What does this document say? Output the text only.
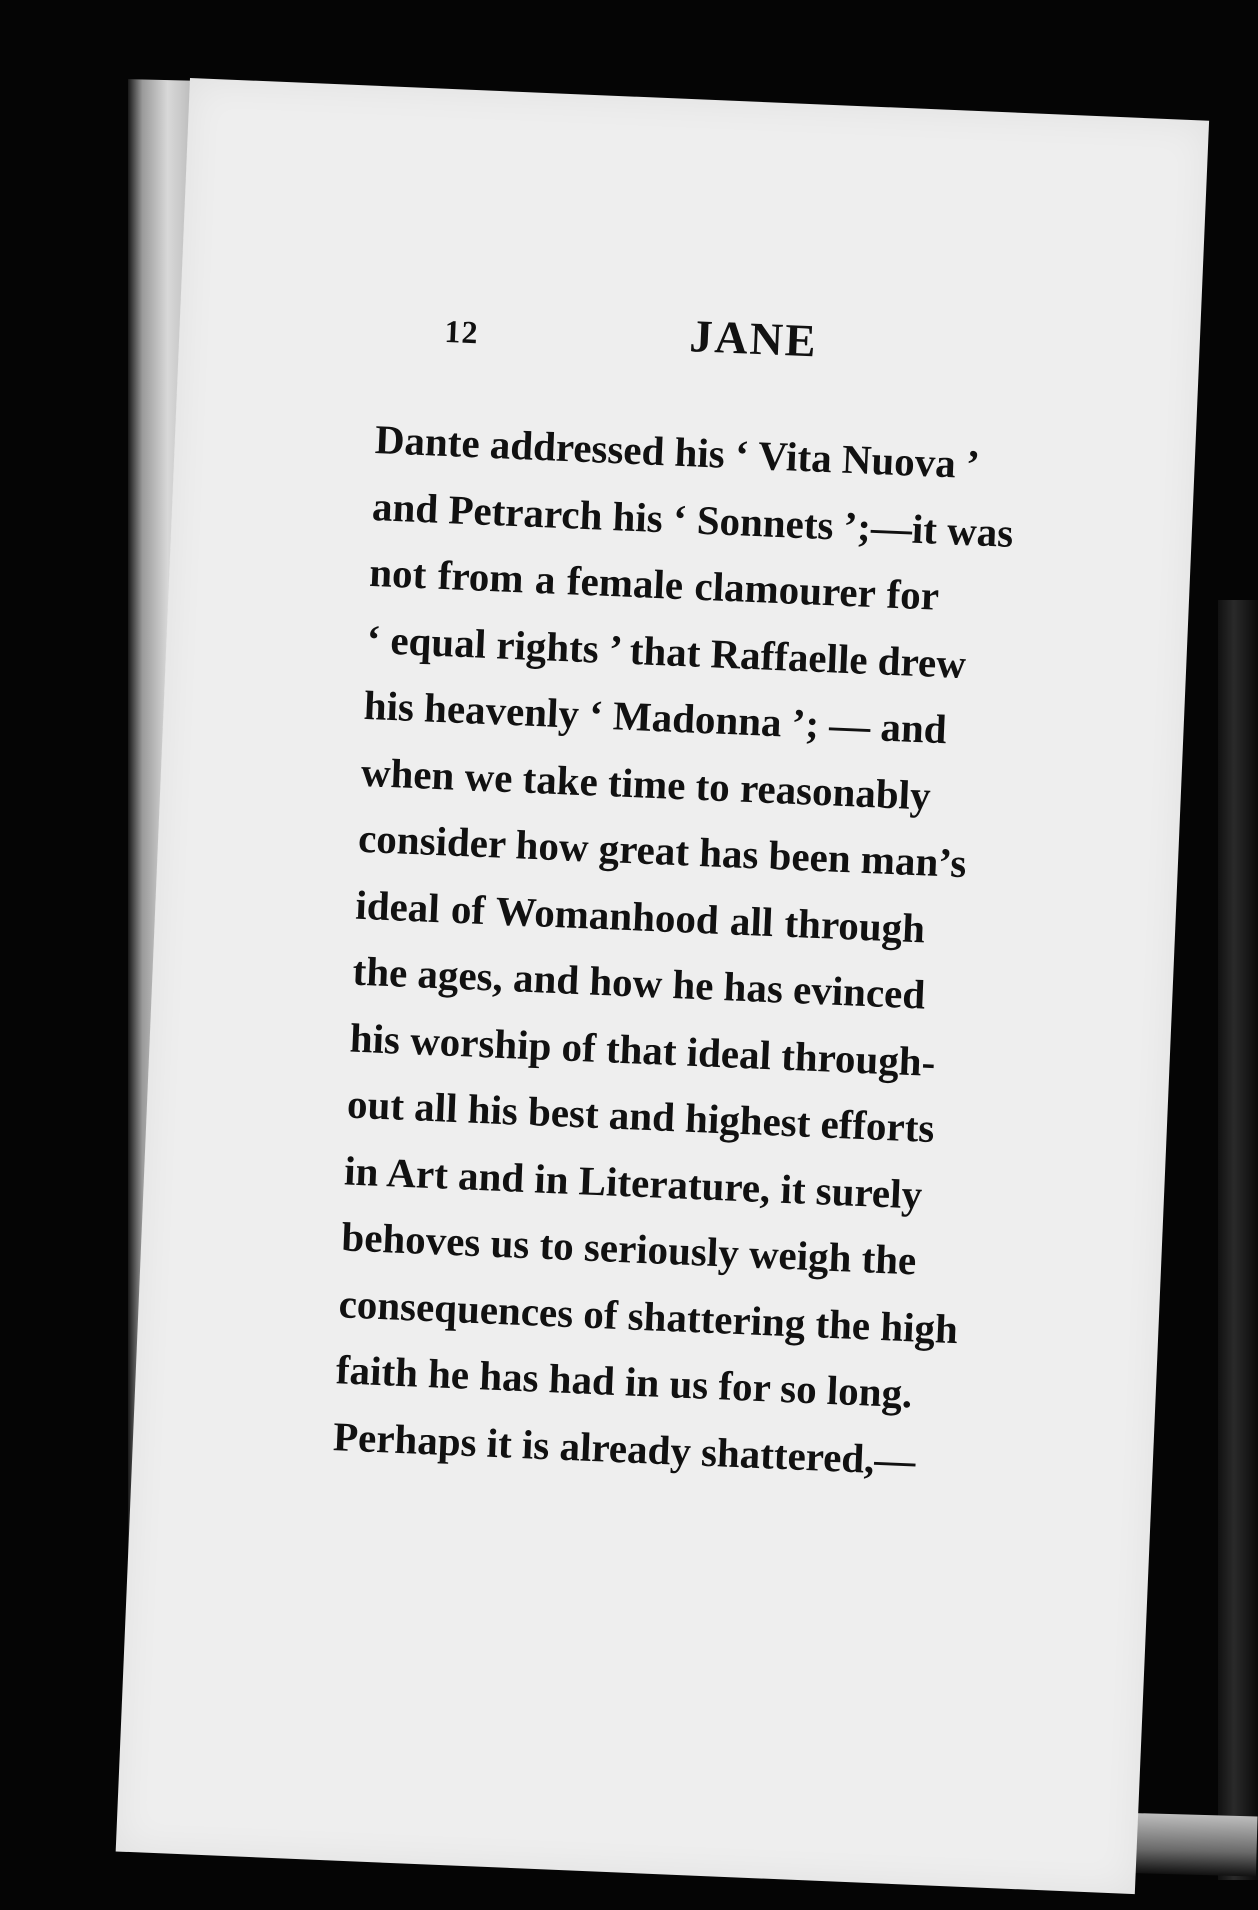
12	JANE
Dante addressed his ‘ Vita Nuova ’
and Petrarch his ‘ Sonnets ’;—it was
not from a female clamourer for
‘ equal rights ’ that Raffaelle drew
his heavenly ‘ Madonna ’; — and
when we take time to reasonably
consider how great has been man’s
ideal of Womanhood all through
the ages, and how he has evinced
his worship of that ideal through-
out all his best and highest efforts
in Art and in Literature, it surely
behoves us to seriously weigh the
consequences of shattering the high
faith he has had in us for so long.
Perhaps it is already shattered,—
